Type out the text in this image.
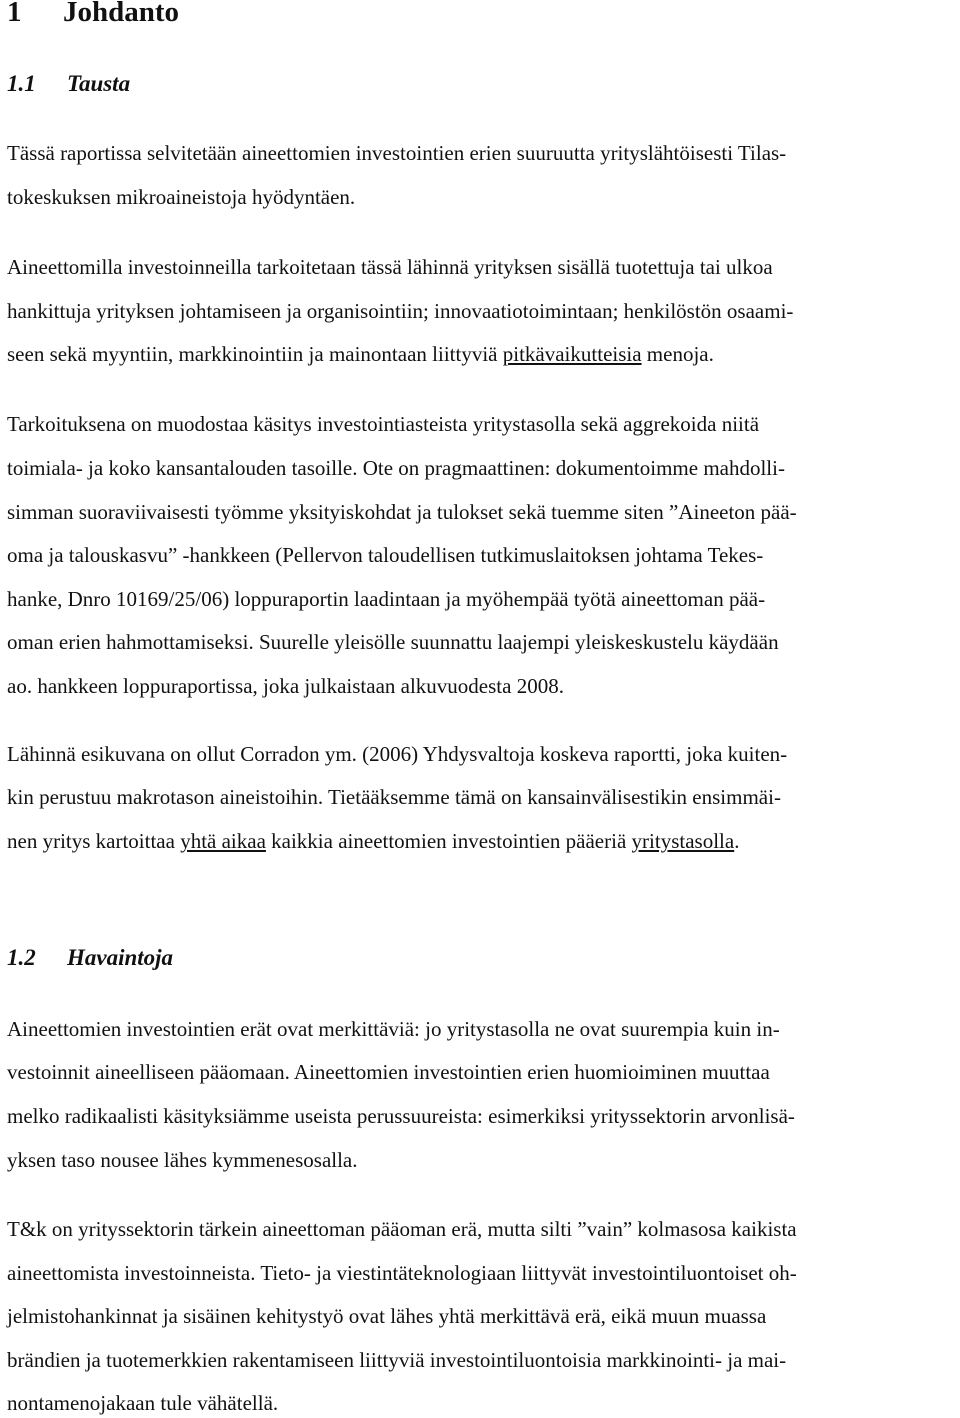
1 Johdanto
1.1 Tausta

Tässä raportissa selvitetään aineettomien investointien erien suuruutta yrityslähtöisesti Tilas-

tokeskuksen mikroaineistoja hyödyntäen.

Aineettomilla investoinneilla tarkoitetaan tässä lähinnä yrityksen sisällä tuotettuja tai ulkoa

hankittuja yrityksen johtamiseen ja organisointiin; innovaatiotoimintaan; henkilöstön osaami-

seen sekä myyntiin, markkinointiin ja mainontaan liittyviä pitkävaikutteisia menoja.

Tarkoituksena on muodostaa käsitys investointiasteista yritystasolla sekä aggrekoida niitä

toimiala- ja koko kansantalouden tasoille. Ote on pragmaattinen: dokumentoimme mahdolli-

simman suoraviivaisesti työmme yksityiskohdat ja tulokset sekä tuemme siten ”Aineeton pää-

oma ja talouskasvu” -hankkeen (Pellervon taloudellisen tutkimuslaitoksen johtama Tekes-

hanke, Dnro 10169/25/06) loppuraportin laadintaan ja myöhempää työtä aineettoman pää-

oman erien hahmottamiseksi. Suurelle yleisölle suunnattu laajempi yleiskeskustelu käydään

ao. hankkeen loppuraportissa, joka julkaistaan alkuvuodesta 2008.

Lähinnä esikuvana on ollut Corradon ym. (2006) Yhdysvaltoja koskeva raportti, joka kuiten-

kin perustuu makrotason aineistoihin. Tietääksemme tämä on kansainvälisestikin ensimmäi-

nen yritys kartoittaa yhtä aikaa kaikkia aineettomien investointien pääeriä yritystasolla.

1.2 Havaintoja

Aineettomien investointien erät ovat merkittäviä: jo yritystasolla ne ovat suurempia kuin in-

vestoinnit aineelliseen pääomaan. Aineettomien investointien erien huomioiminen muuttaa

melko radikaalisti käsityksiämme useista perussuureista: esimerkiksi yrityssektorin arvonlisä-

yksen taso nousee lähes kymmenesosalla.

T&k on yrityssektorin tärkein aineettoman pääoman erä, mutta silti ”vain” kolmasosa kaikista

aineettomista investoinneista. Tieto- ja viestintäteknologiaan liittyvät investointiluontoiset oh-

jelmistohankinnat ja sisäinen kehitystyö ovat lähes yhtä merkittävä erä, eikä muun muassa

brändien ja tuotemerkkien rakentamiseen liittyviä investointiluontoisia markkinointi- ja mai-

nontamenojakaan tule vähätellä.
